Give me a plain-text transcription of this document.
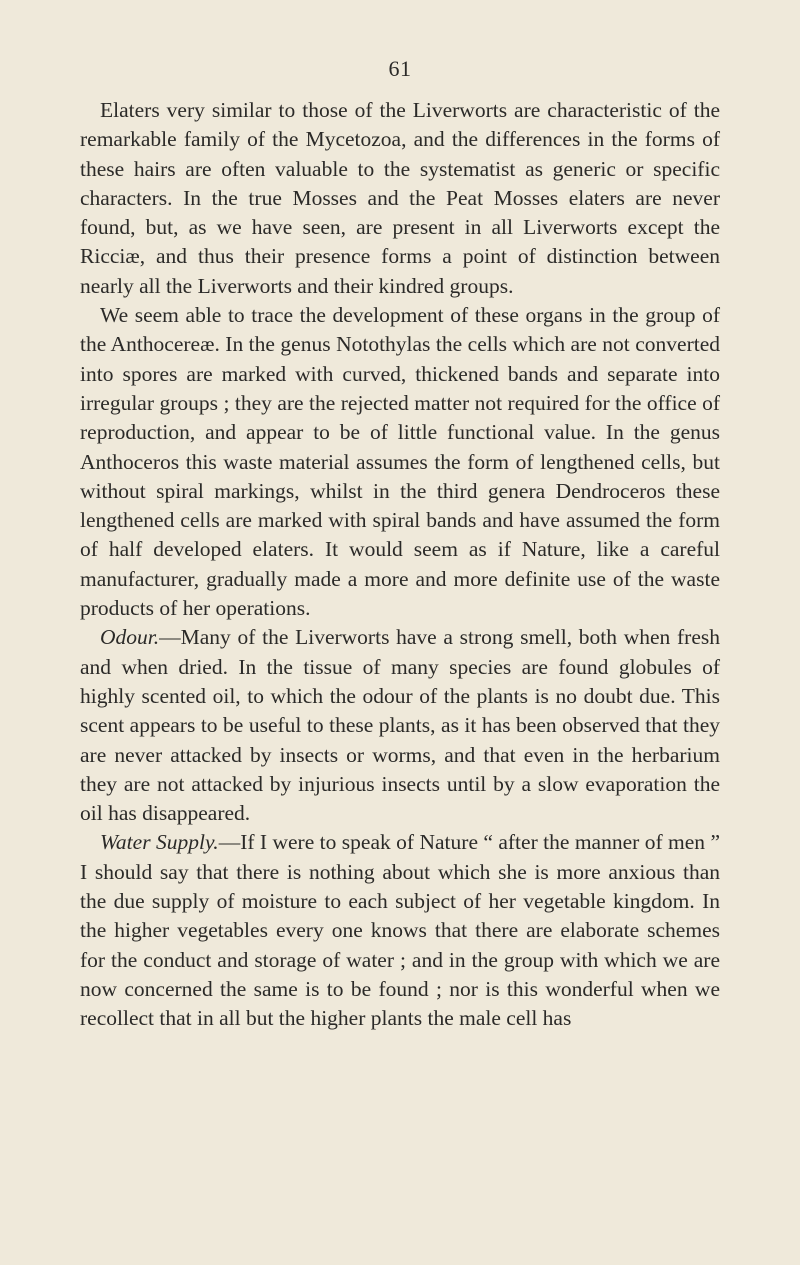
61

Elaters very similar to those of the Liverworts are characteristic of the remarkable family of the Mycetozoa, and the differences in the forms of these hairs are often valuable to the systematist as generic or specific characters. In the true Mosses and the Peat Mosses elaters are never found, but, as we have seen, are present in all Liverworts except the Ricciæ, and thus their presence forms a point of distinction between nearly all the Liverworts and their kindred groups.

We seem able to trace the development of these organs in the group of the Anthocereæ. In the genus Notothylas the cells which are not converted into spores are marked with curved, thickened bands and separate into irregular groups ; they are the rejected matter not required for the office of reproduction, and appear to be of little functional value. In the genus Anthoceros this waste material assumes the form of lengthened cells, but without spiral markings, whilst in the third genera Dendroceros these lengthened cells are marked with spiral bands and have assumed the form of half developed elaters. It would seem as if Nature, like a careful manufacturer, gradually made a more and more definite use of the waste products of her operations.

Odour.—Many of the Liverworts have a strong smell, both when fresh and when dried. In the tissue of many species are found globules of highly scented oil, to which the odour of the plants is no doubt due. This scent appears to be useful to these plants, as it has been observed that they are never attacked by insects or worms, and that even in the herbarium they are not attacked by injurious insects until by a slow evaporation the oil has disappeared.

Water Supply.—If I were to speak of Nature “ after the manner of men ” I should say that there is nothing about which she is more anxious than the due supply of moisture to each subject of her vegetable kingdom. In the higher vegetables every one knows that there are elaborate schemes for the conduct and storage of water ; and in the group with which we are now concerned the same is to be found ; nor is this wonderful when we recollect that in all but the higher plants the male cell has
